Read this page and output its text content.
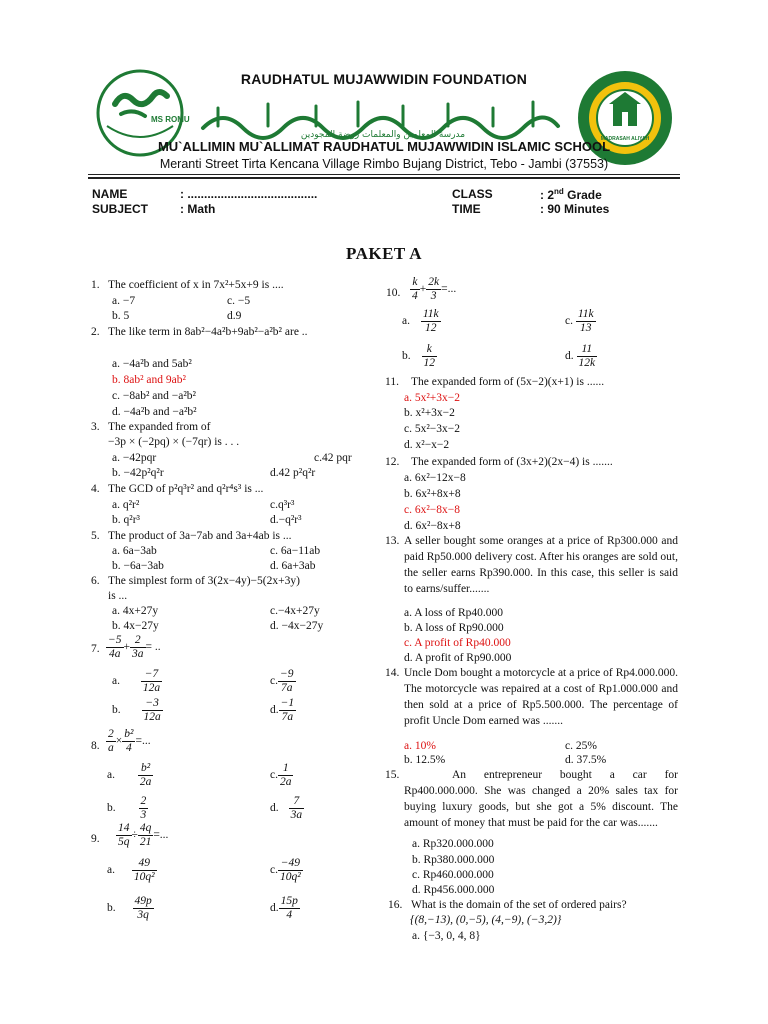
MS ROMU
RAUDHATUL MUJAWWIDIN FOUNDATION
مدرسة المعلمين والمعلمات روضة المجودين	MADRASAH ALIYAH
MU`ALLIMIN MU`ALLIMAT RAUDHATUL MUJAWWIDIN ISLAMIC SCHOOL
Meranti Street Tirta Kencana Village Rimbo Bujang District, Tebo - Jambi (37553)
NAME	: .......................................
SUBJECT	: Math
CLASS	: 2nd Grade
TIME	: 90 Minutes
PAKET A
1. The coefficient of x in 7x²+5x+9 is ....
a. −7	c. −5
b. 5	d.9
2. The like term in 8ab²−4a²b+9ab²−a²b² are ..
a. −4a²b and 5ab²
b. 8ab² and 9ab²
c. −8ab² and −a²b²
d. −4a²b and −a²b²
3. The expanded from of
−3p × (−2pq) × (−7qr) is . . .
a. −42pqr	c.42 pqr
b. −42p²q²r	d.42 p²q²r
4. The GCD of p²q³r² and q²r⁴s³ is ...
a. q²r²	c.q³r³
b. q²r³	d.−q²r³
5. The product of 3a−7ab and 3a+4ab is ...
a. 6a−3ab	c. 6a−11ab
b. −6a−3ab	d. 6a+3ab
6. The simplest form of 3(2x−4y)−5(2x+3y)
is ...
a. 4x+27y	c.−4x+27y
b. 4x−27y	d. −4x−27y
7. $\frac{-5}{4a} + \frac{2}{3a}$ = ..
a. $\frac{-7}{12a}$	c. $\frac{-9}{7a}$
b. $\frac{-3}{12a}$	d. $\frac{-1}{7a}$
8. $\frac{2}{a} \times \frac{\text{b²}}{4}$ =...
a. $\frac{\text{b²}}{2a}$	c. $\frac{1}{2a}$
b. $\frac{2}{3}$	d. $\frac{7}{3a}$
9. $\frac{14}{5q} \div \frac{4q}{21}$ =...
a. $\frac{49}{\text{10q²}}$	c. $\frac{-49}{\text{10q²}}$
b. $\frac{49p}{3q}$	d. $\frac{15p}{4}$
10. $\frac{k}{4} + \frac{2k}{3}$ =...
a. $\frac{11k}{12}$	c. $\frac{11k}{13}$
b. $\frac{k}{12}$	d. $\frac{11}{12k}$
11. The expanded form of (5x−2)(x+1) is ......
a. 5x²+3x−2
b. x²+3x−2
c. 5x²−3x−2
d. x²−x−2
12. The expanded form of (3x+2)(2x−4) is .......
a. 6x²−12x−8
b. 6x²+8x+8
c. 6x²−8x−8
d. 6x²−8x+8
13. A seller bought some oranges at a price of Rp300.000 and paid Rp50.000 delivery cost. After his oranges are sold out, the seller earns Rp390.000. In this case, this seller is said to earns/suffer.......
a. A loss of Rp40.000
b. A loss of Rp90.000
c. A profit of Rp40.000
d. A profit of Rp90.000
14. Uncle Dom bought a motorcycle at a price of Rp4.000.000. The motorcycle was repaired at a cost of Rp1.000.000 and then sold at a price of Rp5.500.000. The percentage of profit Uncle Dom earned was .......
a. 10%	c. 25%
b. 12.5%	d. 37.5%
15.	An entrepreneur bought a car for Rp400.000.000. She was changed a 20% sales tax for buying luxury goods, but she got a 5% discount. The amount of money that must be paid for the car was.......
a. Rp320.000.000
b. Rp380.000.000
c. Rp460.000.000
d. Rp456.000.000
16. What is the domain of the set of ordered pairs?
{(8,−13), (0,−5), (4,−9), (−3,2)}
a. {−3, 0, 4, 8}
